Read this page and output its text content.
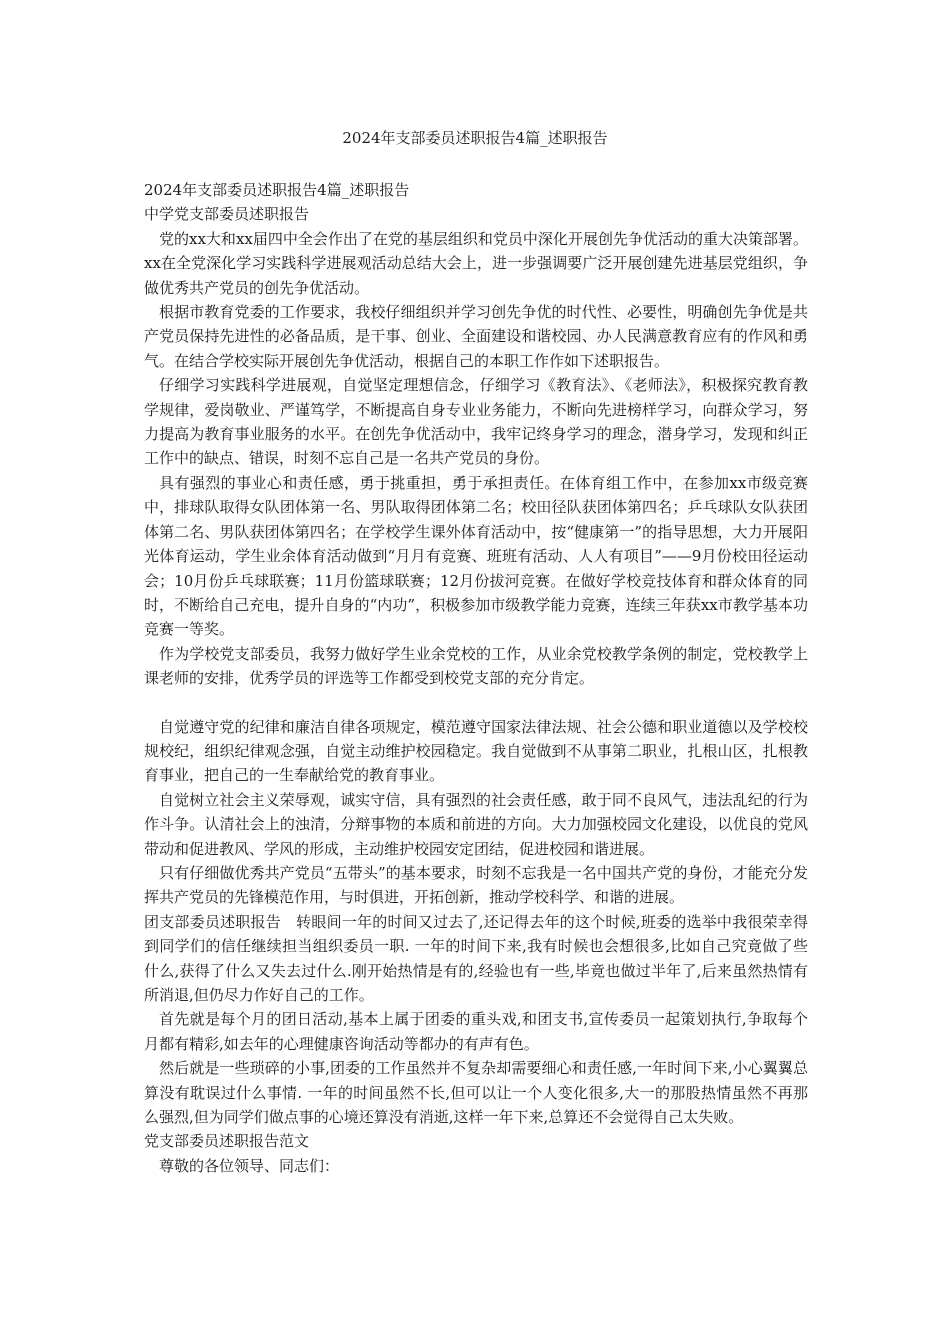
2024年支部委员述职报告4篇_述职报告

2024年支部委员述职报告4篇_述职报告

中学党支部委员述职报告

党的xx大和xx届四中全会作出了在党的基层组织和党员中深化开展创先争优活动的重大决策部署。xx在全党深化学习实践科学进展观活动总结大会上，进一步强调要广泛开展创建先进基层党组织，争做优秀共产党员的创先争优活动。

根据市教育党委的工作要求，我校仔细组织并学习创先争优的时代性、必要性，明确创先争优是共产党员保持先进性的必备品质，是干事、创业、全面建设和谐校园、办人民满意教育应有的作风和勇气。在结合学校实际开展创先争优活动，根据自己的本职工作作如下述职报告。

仔细学习实践科学进展观，自觉坚定理想信念，仔细学习《教育法》、《老师法》，积极探究教育教学规律，爱岗敬业、严谨笃学，不断提高自身专业业务能力，不断向先进榜样学习，向群众学习，努力提高为教育事业服务的水平。在创先争优活动中，我牢记终身学习的理念，潜身学习，发现和纠正工作中的缺点、错误，时刻不忘自己是一名共产党员的身份。

具有强烈的事业心和责任感，勇于挑重担，勇于承担责任。在体育组工作中，在参加xx市级竞赛中，排球队取得女队团体第一名、男队取得团体第二名；校田径队获团体第四名；乒乓球队女队获团体第二名、男队获团体第四名；在学校学生课外体育活动中，按“健康第一”的指导思想，大力开展阳光体育运动，学生业余体育活动做到“月月有竞赛、班班有活动、人人有项目”——9月份校田径运动会；10月份乒乓球联赛；11月份篮球联赛；12月份拔河竞赛。在做好学校竞技体育和群众体育的同时，不断给自己充电，提升自身的“内功”，积极参加市级教学能力竞赛，连续三年获xx市教学基本功竞赛一等奖。

作为学校党支部委员，我努力做好学生业余党校的工作，从业余党校教学条例的制定，党校教学上课老师的安排，优秀学员的评选等工作都受到校党支部的充分肯定。

自觉遵守党的纪律和廉洁自律各项规定，模范遵守国家法律法规、社会公德和职业道德以及学校校规校纪，组织纪律观念强，自觉主动维护校园稳定。我自觉做到不从事第二职业，扎根山区，扎根教育事业，把自己的一生奉献给党的教育事业。

自觉树立社会主义荣辱观，诚实守信，具有强烈的社会责任感，敢于同不良风气，违法乱纪的行为作斗争。认清社会上的浊清，分辩事物的本质和前进的方向。大力加强校园文化建设，以优良的党风带动和促进教风、学风的形成，主动维护校园安定团结，促进校园和谐进展。

只有仔细做优秀共产党员“五带头”的基本要求，时刻不忘我是一名中国共产党的身份，才能充分发挥共产党员的先锋模范作用，与时俱进，开拓创新，推动学校科学、和谐的进展。

团支部委员述职报告　转眼间一年的时间又过去了,还记得去年的这个时候,班委的选举中我很荣幸得到同学们的信任继续担当组织委员一职. 一年的时间下来,我有时候也会想很多,比如自己究竟做了些什么,获得了什么又失去过什么.刚开始热情是有的,经验也有一些,毕竟也做过半年了,后来虽然热情有所消退,但仍尽力作好自己的工作。

首先就是每个月的团日活动,基本上属于团委的重头戏,和团支书,宣传委员一起策划执行,争取每个月都有精彩,如去年的心理健康咨询活动等都办的有声有色。

然后就是一些琐碎的小事,团委的工作虽然并不复杂却需要细心和责任感,一年时间下来,小心翼翼总算没有耽误过什么事情. 一年的时间虽然不长,但可以让一个人变化很多,大一的那股热情虽然不再那么强烈,但为同学们做点事的心境还算没有消逝,这样一年下来,总算还不会觉得自己太失败。

党支部委员述职报告范文

尊敬的各位领导、同志们：
